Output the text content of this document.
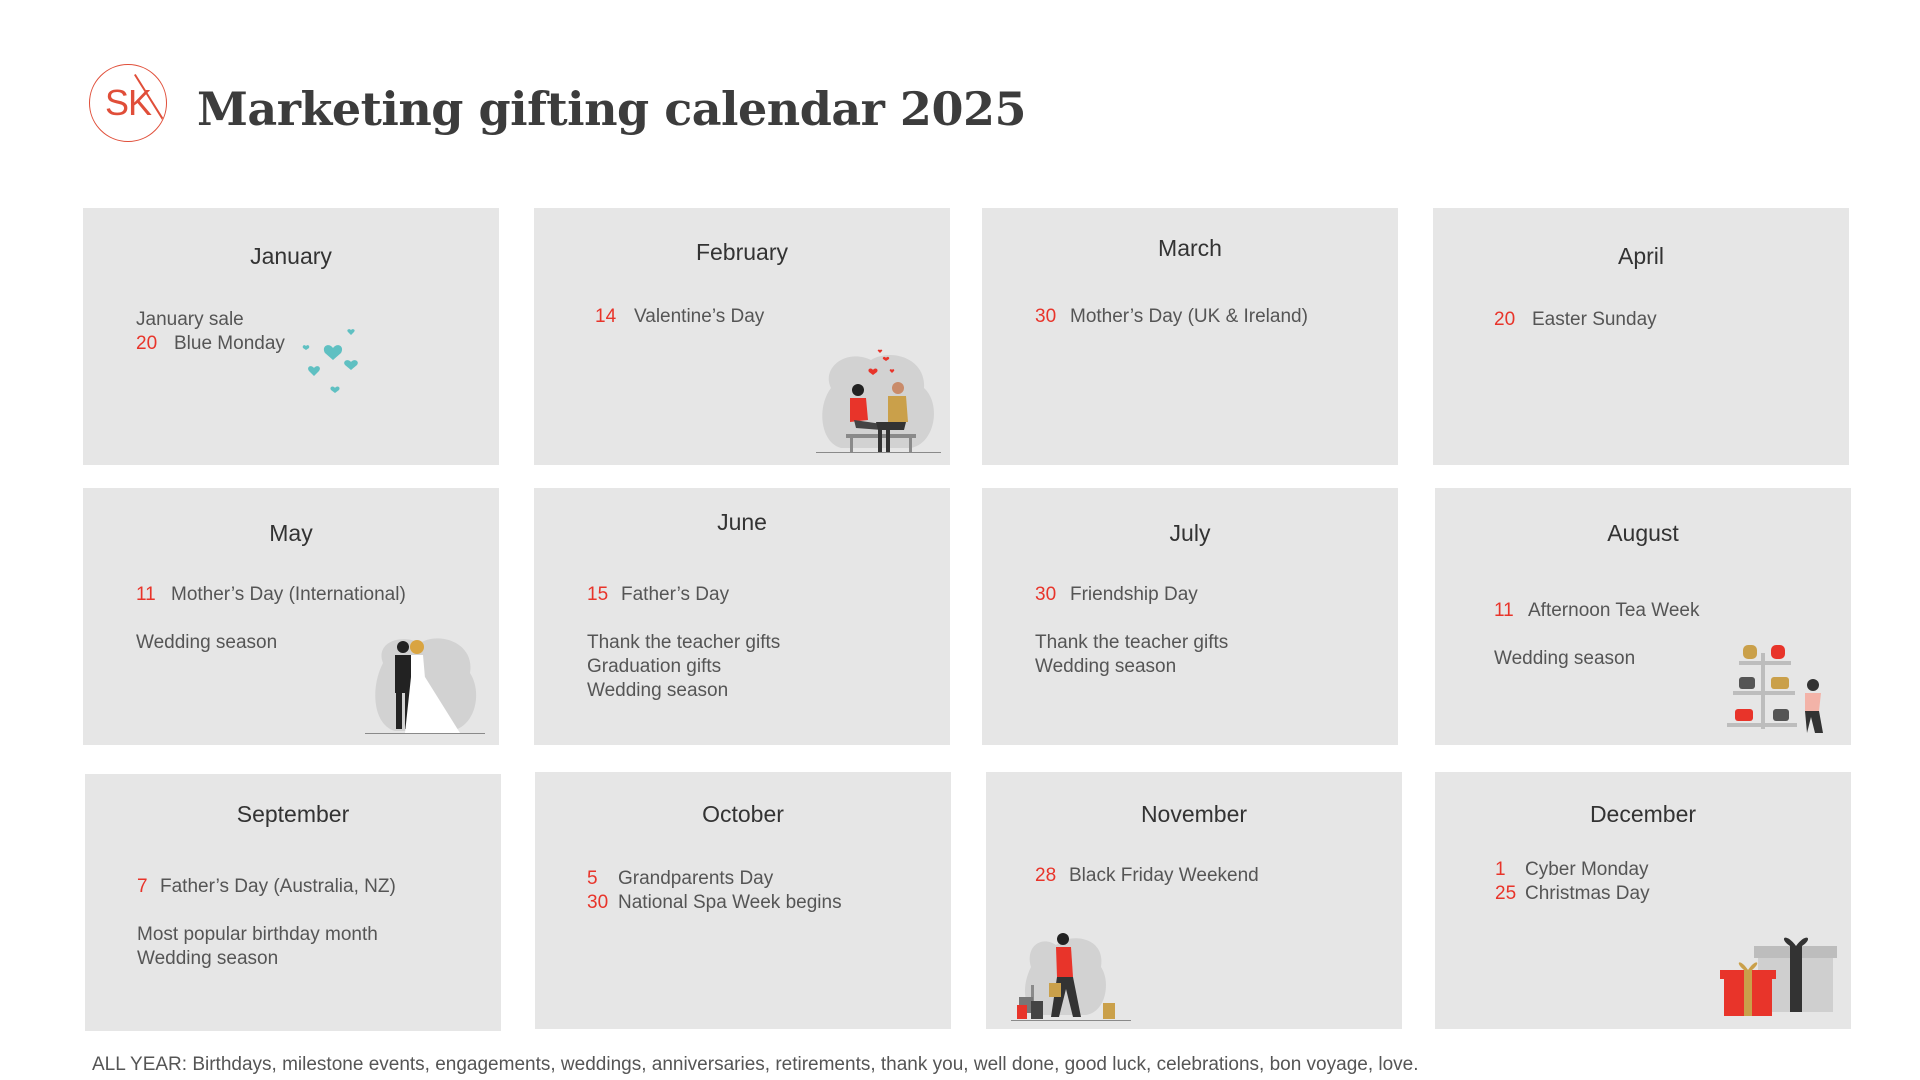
SK Marketing gifting calendar 2025
January
January sale
20 Blue Monday
February
14 Valentine’s Day
March
30 Mother’s Day (UK & Ireland)
April
20 Easter Sunday
May
11 Mother’s Day (International)
Wedding season
June
15 Father’s Day
Thank the teacher gifts
Graduation gifts
Wedding season
July
30 Friendship Day
Thank the teacher gifts
Wedding season
August
11 Afternoon Tea Week
Wedding season
September
7 Father’s Day (Australia, NZ)
Most popular birthday month
Wedding season
October
5 Grandparents Day
30 National Spa Week begins
November
28 Black Friday Weekend
December
1 Cyber Monday
25 Christmas Day
ALL YEAR: Birthdays, milestone events, engagements, weddings, anniversaries, retirements, thank you, well done, good luck, celebrations, bon voyage, love.
